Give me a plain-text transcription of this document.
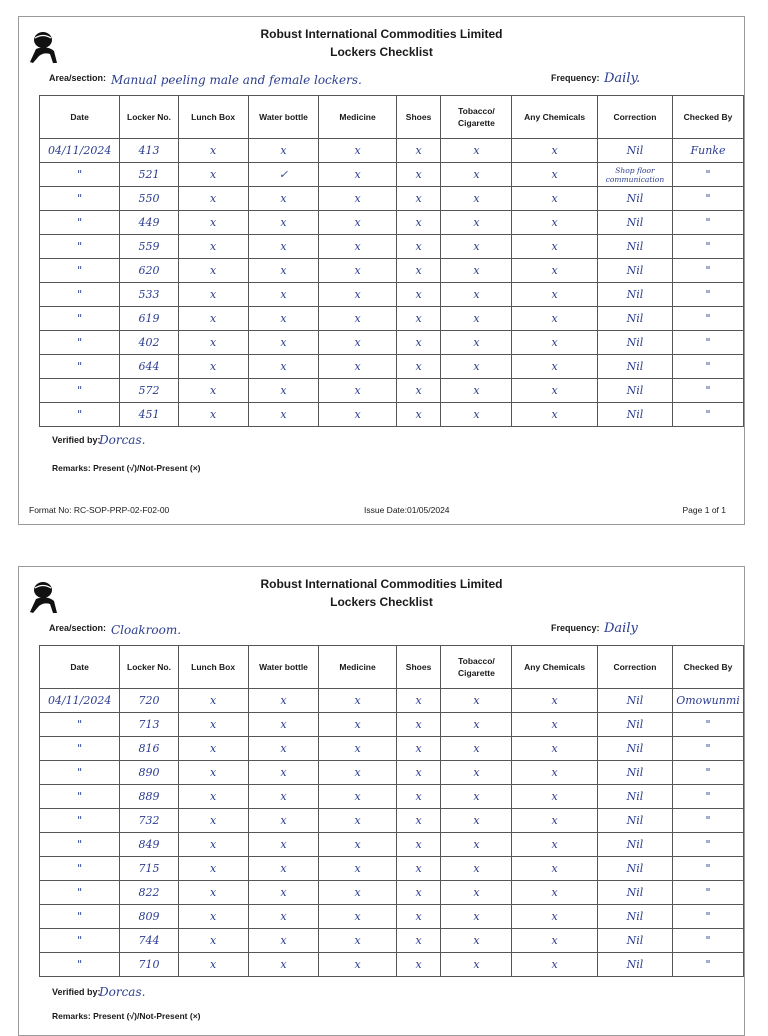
Robust International Commodities Limited
Lockers Checklist
Area/section: Manual peeling male and female lockers.	Frequency: Daily.
Date	Locker No.	Lunch Box	Water bottle	Medicine	Shoes	Tobacco/ Cigarette	Any Chemicals	Correction	Checked By
04/11/2024	413	x	x	x	x	x	x	Nil	Funke
"	521	x	✓	x	x	x	x	Shop floor communication	"
"	550	x	x	x	x	x	x	Nil	"
"	449	x	x	x	x	x	x	Nil	"
"	559	x	x	x	x	x	x	Nil	"
"	620	x	x	x	x	x	x	Nil	"
"	533	x	x	x	x	x	x	Nil	"
"	619	x	x	x	x	x	x	Nil	"
"	402	x	x	x	x	x	x	Nil	"
"	644	x	x	x	x	x	x	Nil	"
"	572	x	x	x	x	x	x	Nil	"
"	451	x	x	x	x	x	x	Nil	"
Verified by:
Dorcas.
Remarks: Present (√)/Not-Present (×)
Format No: RC-SOP-PRP-02-F02-00	Issue Date:01/05/2024	Page 1 of 1
Robust International Commodities Limited
Lockers Checklist
Area/section: Cloakroom.	Frequency: Daily
Date	Locker No.	Lunch Box	Water bottle	Medicine	Shoes	Tobacco/ Cigarette	Any Chemicals	Correction	Checked By
04/11/2024	720	x	x	x	x	x	x	Nil	Omowunmi
"	713	x	x	x	x	x	x	Nil	"
"	816	x	x	x	x	x	x	Nil	"
"	890	x	x	x	x	x	x	Nil	"
"	889	x	x	x	x	x	x	Nil	"
"	732	x	x	x	x	x	x	Nil	"
"	849	x	x	x	x	x	x	Nil	"
"	715	x	x	x	x	x	x	Nil	"
"	822	x	x	x	x	x	x	Nil	"
"	809	x	x	x	x	x	x	Nil	"
"	744	x	x	x	x	x	x	Nil	"
"	710	x	x	x	x	x	x	Nil	"
Verified by:
Dorcas.
Remarks: Present (√)/Not-Present (×)
